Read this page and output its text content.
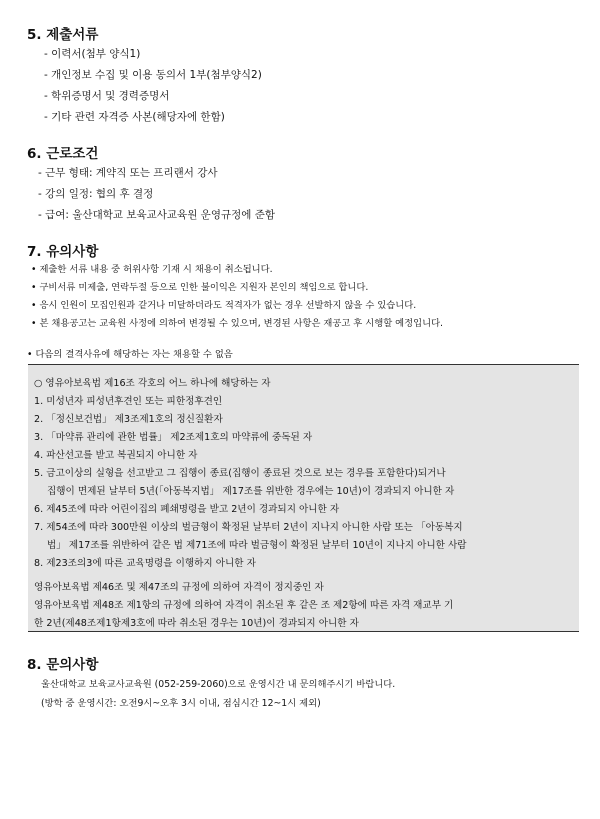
5. 제출서류

- 이력서(첨부 양식1)

- 개인정보 수집 및 이용 동의서 1부(첨부양식2)

- 학위증명서 및 경력증명서

- 기타 관련 자격증 사본(해당자에 한함)

6. 근로조건

- 근무 형태: 계약직 또는 프리랜서 강사

- 강의 일정: 협의 후 결정

- 급여: 울산대학교 보육교사교육원 운영규정에 준함

7. 유의사항

• 제출한 서류 내용 중 허위사항 기재 시 채용이 취소됩니다.

• 구비서류 미제출, 연락두절 등으로 인한 불이익은 지원자 본인의 책임으로 합니다.

• 응시 인원이 모집인원과 같거나 미달하더라도 적격자가 없는 경우 선발하지 않을 수 있습니다.

• 본 채용공고는 교육원 사정에 의하여 변경될 수 있으며, 변경된 사항은 재공고 후 시행할 예정입니다.

• 다음의 결격사유에 해당하는 자는 채용할 수 없음

○ 영유아보육법 제16조 각호의 어느 하나에 해당하는 자

1. 미성년자 피성년후견인 또는 피한정후견인

2. 「정신보건법」 제3조제1호의 정신질환자

3. 「마약류 관리에 관한 법률」 제2조제1호의 마약류에 중독된 자

4. 파산선고를 받고 복권되지 아니한 자

5. 금고이상의 실형을 선고받고 그 집행이 종료(집행이 종료된 것으로 보는 경우를 포함한다)되거나

집행이 면제된 날부터 5년(「아동복지법」 제17조를 위반한 경우에는 10년)이 경과되지 아니한 자

6. 제45조에 따라 어린이집의 폐쇄명령을 받고 2년이 경과되지 아니한 자

7. 제54조에 따라 300만원 이상의 벌금형이 확정된 날부터 2년이 지나지 아니한 사람 또는 「아동복지

법」 제17조를 위반하여 같은 법 제71조에 따라 벌금형이 확정된 날부터 10년이 지나지 아니한 사람

8. 제23조의3에 따른 교육명령을 이행하지 아니한 자

영유아보육법 제46조 및 제47조의 규정에 의하여 자격이 정지중인 자

영유아보육법 제48조 제1항의 규정에 의하여 자격이 취소된 후 같은 조 제2항에 따른 자격 재교부 기

한 2년(제48조제1항제3호에 따라 취소된 경우는 10년)이 경과되지 아니한 자

8. 문의사항

울산대학교 보육교사교육원 (052-259-2060)으로 운영시간 내 문의해주시기 바랍니다.

(방학 중 운영시간: 오전9시~오후 3시 이내, 점심시간 12~1시 제외)
